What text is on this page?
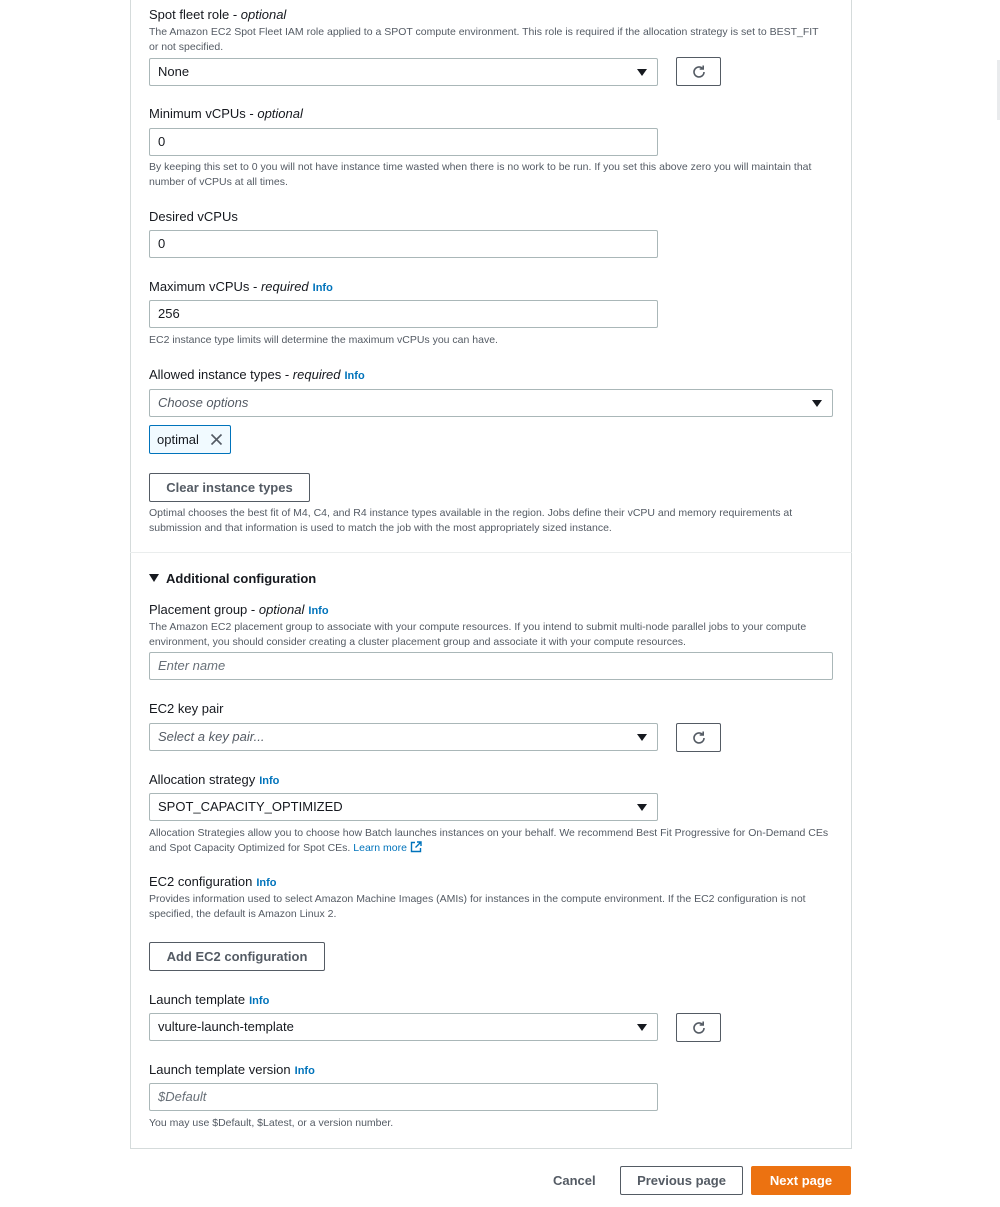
Spot fleet role - optional
The Amazon EC2 Spot Fleet IAM role applied to a SPOT compute environment. This role is required if the allocation strategy is set to BEST_FIT or not specified.
None
Minimum vCPUs - optional
0
By keeping this set to 0 you will not have instance time wasted when there is no work to be run. If you set this above zero you will maintain that number of vCPUs at all times.
Desired vCPUs
0
Maximum vCPUs - required Info
256
EC2 instance type limits will determine the maximum vCPUs you can have.
Allowed instance types - required Info
Choose options
optimal
Clear instance types
Optimal chooses the best fit of M4, C4, and R4 instance types available in the region. Jobs define their vCPU and memory requirements at submission and that information is used to match the job with the most appropriately sized instance.
Additional configuration
Placement group - optional Info
The Amazon EC2 placement group to associate with your compute resources. If you intend to submit multi-node parallel jobs to your compute environment, you should consider creating a cluster placement group and associate it with your compute resources.
Enter name
EC2 key pair
Select a key pair...
Allocation strategy Info
SPOT_CAPACITY_OPTIMIZED
Allocation Strategies allow you to choose how Batch launches instances on your behalf. We recommend Best Fit Progressive for On-Demand CEs and Spot Capacity Optimized for Spot CEs. Learn more
EC2 configuration Info
Provides information used to select Amazon Machine Images (AMIs) for instances in the compute environment. If the EC2 configuration is not specified, the default is Amazon Linux 2.
Add EC2 configuration
Launch template Info
vulture-launch-template
Launch template version Info
$Default
You may use $Default, $Latest, or a version number.
Cancel	Previous page	Next page
